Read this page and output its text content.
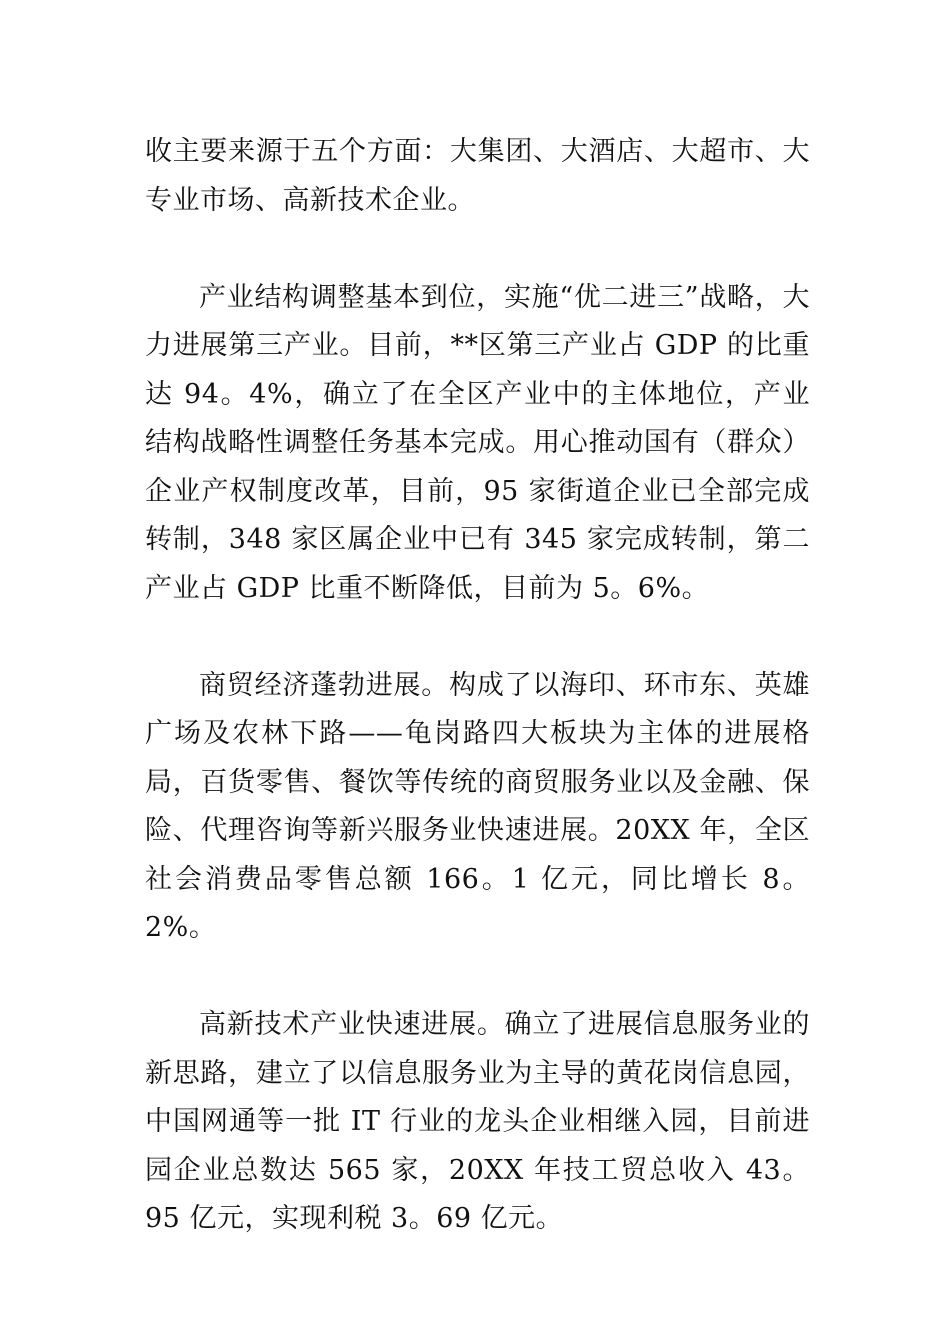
收主要来源于五个方面：大集团、大酒店、大超市、大专业市场、高新技术企业。

产业结构调整基本到位，实施“优二进三”战略，大力进展第三产业。目前，**区第三产业占 GDP 的比重达 94。4%，确立了在全区产业中的主体地位，产业结构战略性调整任务基本完成。用心推动国有（群众）企业产权制度改革，目前，95 家街道企业已全部完成转制，348 家区属企业中已有 345 家完成转制，第二产业占 GDP 比重不断降低，目前为 5。6%。

商贸经济蓬勃进展。构成了以海印、环市东、英雄广场及农林下路——龟岗路四大板块为主体的进展格局，百货零售、餐饮等传统的商贸服务业以及金融、保险、代理咨询等新兴服务业快速进展。20XX 年，全区社会消费品零售总额 166。1 亿元，同比增长 8。2%。

高新技术产业快速进展。确立了进展信息服务业的新思路，建立了以信息服务业为主导的黄花岗信息园，中国网通等一批 IT 行业的龙头企业相继入园，目前进园企业总数达 565 家，20XX 年技工贸总收入 43。95 亿元，实现利税 3。69 亿元。
